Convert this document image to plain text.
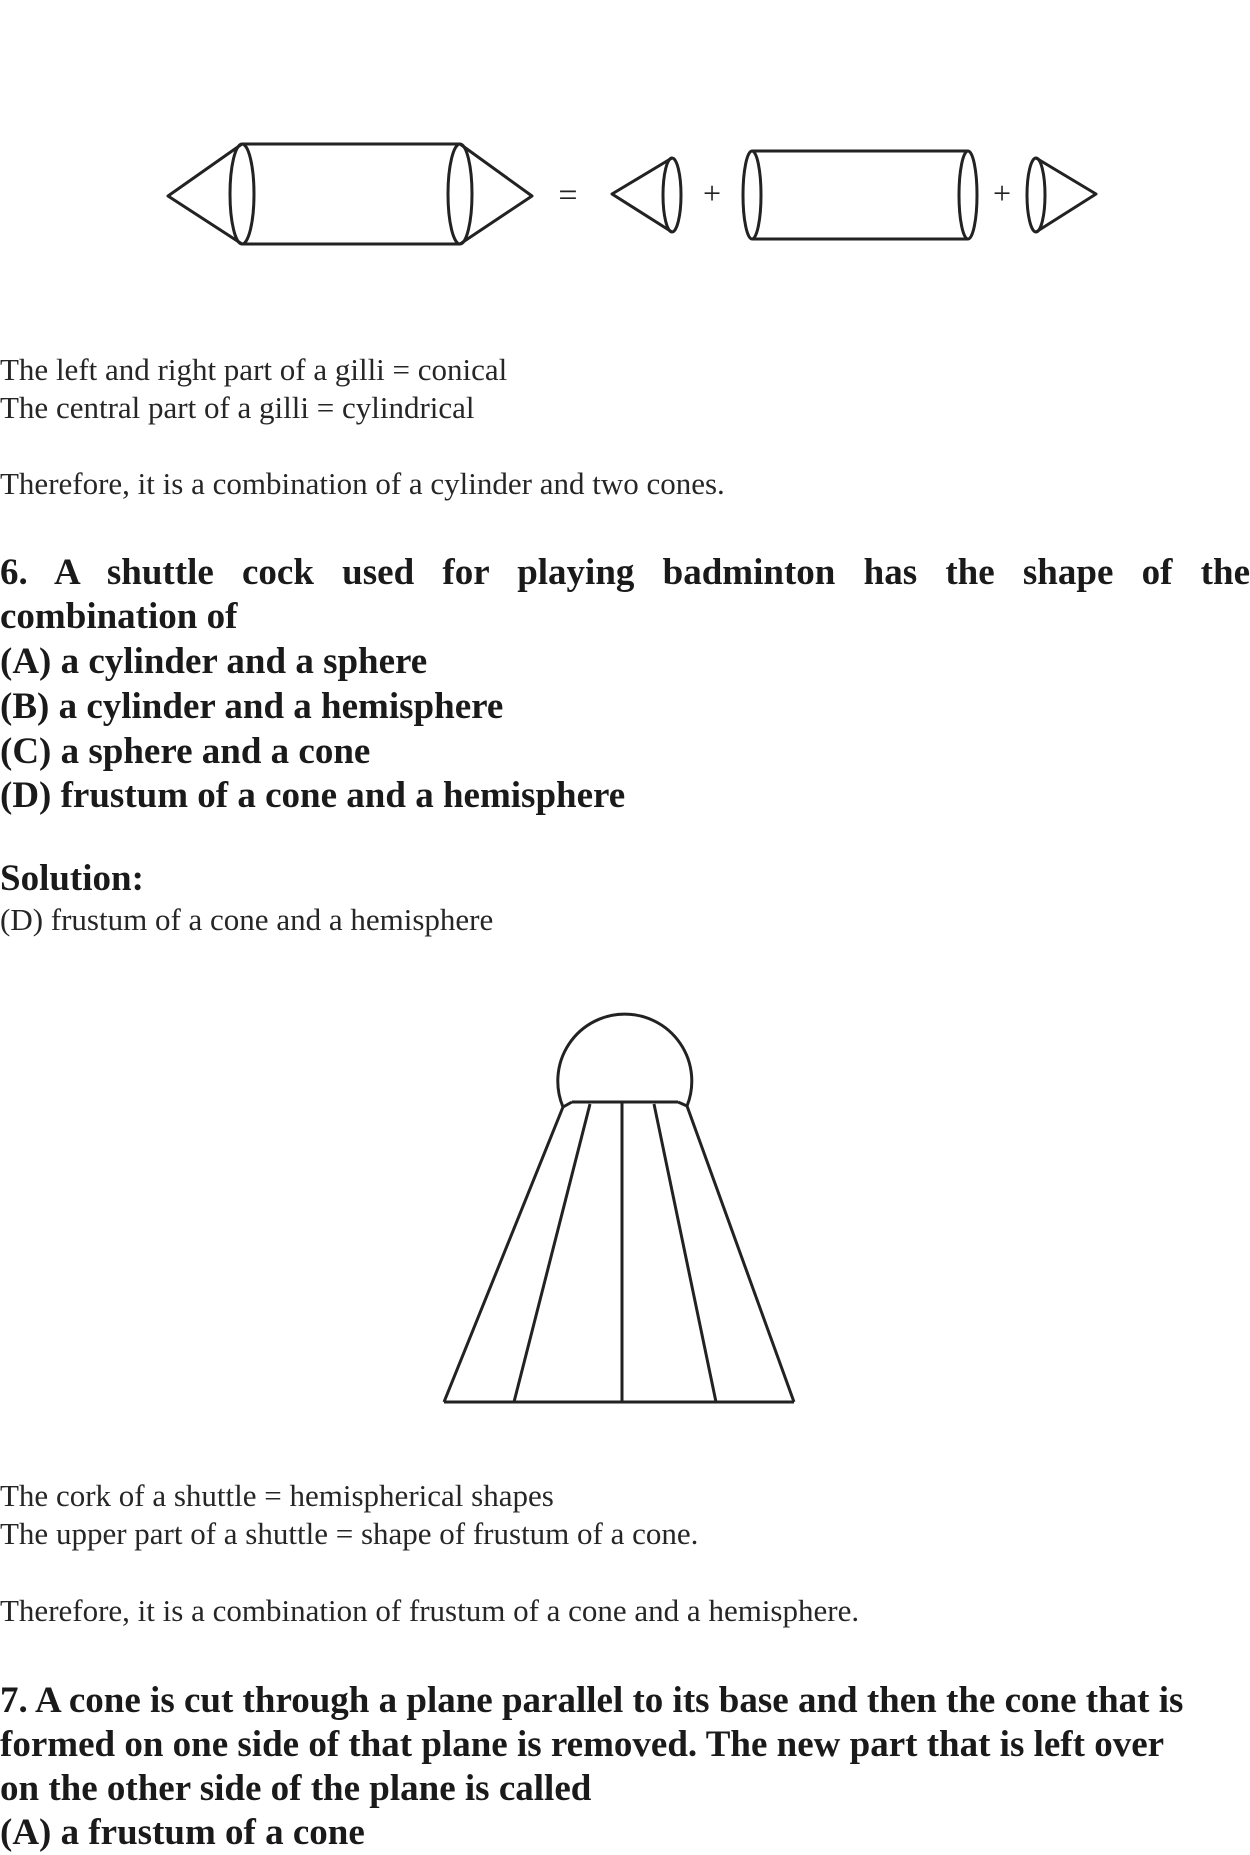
=	+	+
The left and right part of a gilli = conical
The central part of a gilli = cylindrical
Therefore, it is a combination of a cylinder and two cones.
6. A shuttle cock used for playing badminton has the shape of the
combination of
(A) a cylinder and a sphere
(B) a cylinder and a hemisphere
(C) a sphere and a cone
(D) frustum of a cone and a hemisphere
Solution:
(D) frustum of a cone and a hemisphere
The cork of a shuttle = hemispherical shapes
The upper part of a shuttle = shape of frustum of a cone.
Therefore, it is a combination of frustum of a cone and a hemisphere.
7. A cone is cut through a plane parallel to its base and then the cone that is
formed on one side of that plane is removed. The new part that is left over
on the other side of the plane is called
(A) a frustum of a cone
